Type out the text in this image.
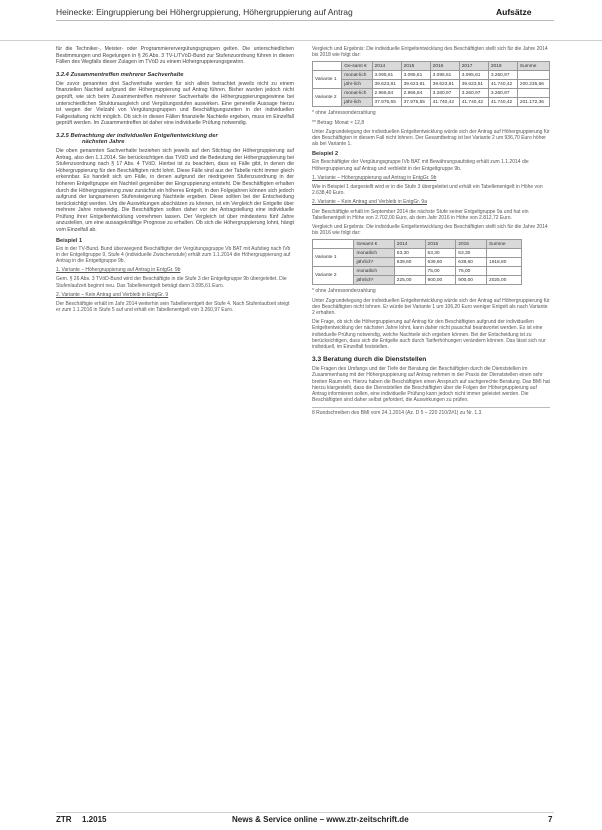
Heinecke: Eingruppierung bei Höhergruppierung, Höhergruppierung auf Antrag	Aufsätze

für die Techniker-, Meister- oder Programmierervergütungsgruppen gelten. Die unterschiedlichen Bestimmungen und Regelungen in § 26 Abs. 3 TV-L/TVöD-Bund zur Stufenzuordnung führen in diesen Fällen des Wegfalls dieser Zulagen im TVöD zu einem Höhergruppierungsgewinn.

3.2.4 Zusammentreffen mehrerer Sachverhalte

Die zuvor genannten drei Sachverhalte werden für sich allein betrachtet jeweils nicht zu einem finanziellen Nachteil aufgrund der Höhergruppierung auf Antrag führen. Bisher wurden jedoch nicht geprüft, wie sich beim Zusammentreffen mehrerer Sachverhalte die Höhergruppierungsgewinne bei unterschiedlichen Strukturausgleich und Vergütungsstufen auswirken. Eine generelle Aussage hierzu ist wegen der Vielzahl von Vergütungsgruppen und Beschäftigungszeiten in der individuellen Fallgestaltung nicht möglich. Ob sich in diesen Fällen finanzielle Nachteile ergeben, muss im Einzelfall geprüft werden. Im Zusammentreffen ist daher eine individuelle Prüfung notwendig.

3.2.5 Betrachtung der individuellen Entgeltentwicklung der
nächsten Jahre

Die oben genannten Sachverhalte beziehen sich jeweils auf den Stichtag der Höhergruppierung auf Antrag, also den 1.1.2014. Sie berücksichtigen das TVöD und die Bedeutung der Höhergruppierung bei Stufenzuordnung nach § 17 Abs. 4 TVöD. Hierbei ist zu beachten, dass es Fälle gibt, in denen die Höhergruppierung für den Beschäftigten nicht lohnt. Diese Fälle sind aus der Tabelle nicht immer gleich erkennbar. Es handelt sich um Fälle, in denen aufgrund der niedrigeren Stufenzuordnung in der höheren Entgeltgruppe ein Nachteil gegenüber der Eingruppierung entsteht. Die Beschäftigten erhalten durch die Höhergruppierung zwar zunächst ein höheres Entgelt, in den Folgejahren können sich jedoch aufgrund der langsameren Stufensteigerung Nachteile ergeben. Diese sollten bei der Entscheidung berücksichtigt werden. Um die Auswirkungen abschätzen zu können, ist ein Vergleich der Entgelte über mehrere Jahre notwendig. Die Beschäftigten sollten daher vor der Antragstellung eine individuelle Prüfung ihrer Entgeltentwicklung vornehmen lassen. Der Vergleich ist über mindestens fünf Jahre anzustellen, um eine aussagekräftige Prognose zu erhalten. Ob sich die Höhergruppierung lohnt, hängt vom Einzelfall ab.

Beispiel 1

Ein in der TV-Bund. Bund überwiegend Beschäftigter der Vergütungsgruppe Vb BAT mit Aufstieg nach IVb in der Entgeltgruppe 9, Stufe 4 (individuelle Zwischenstufe) erhält zum 1.1.2014 die Höhergruppierung auf Antrag in die Entgeltgruppe 9b.

1. Variante – Höhergruppierung auf Antrag in EntgGr. 9b

Gem. § 26 Abs. 3 TVöD-Bund wird der Beschäftigte in die Stufe 3 der Entgeltgruppe 9b übergeleitet. Die Stufenlaufzeit beginnt neu. Das Tabellenentgelt beträgt dann 3.095,61 Euro.

2. Variante – Kein Antrag und Verbleib in EntgGr. 9

Der Beschäftigte erhält im Jahr 2014 weiterhin sein Tabellenentgelt der Stufe 4. Nach Stufenlaufzeit steigt er zum 1.1.2016 in Stufe 5 auf und erhält ein Tabellenentgelt von 3.260,97 Euro.

Vergleich und Ergebnis: Die individuelle Entgeltentwicklung des Beschäftigten stellt sich für die Jahre 2014 bis 2018 wie folgt dar:

	Ge-samt €	2014	2015	2016	2017	2018	Summe
Variante 1	monat-lich	3.095,61	3.095,61	3.095,61	3.095,61	3.260,97	
	jähr-lich	39.623,81	39.623,81	39.623,81	39.623,81	41.740,42	200.235,66
Variante 2	monat-lich	2.966,84	2.966,84	3.260,97	3.260,97	3.260,97	
	jähr-lich	37.975,55	37.975,55	41.740,42	41.740,42	41.740,42	201.172,36
* ohne Jahressonderzahlung
** Betrag: Monat × 12,8

Unter Zugrundelegung der individuellen Entgeltentwicklung würde sich der Antrag auf Höhergruppierung für den Beschäftigten in diesem Fall nicht lohnen. Der Gesamtbetrag ist bei Variante 2 um 936,70 Euro höher als bei Variante 1.

Beispiel 2

Ein Beschäftigter der Vergütungsgruppe IVb BAT mit Bewährungsaufstieg erhält zum 1.1.2014 die Höhergruppierung auf Antrag und verbleibt in der Entgeltgruppe 9b.

1. Variante – Höhergruppierung auf Antrag in EntgGr. 9b

Wie in Beispiel 1 dargestellt wird er in die Stufe 3 übergeleitet und erhält ein Tabellenentgelt in Höhe von 2.638,40 Euro.

2. Variante – Kein Antrag und Verbleib in EntgGr. 9a

Der Beschäftigte erhält im September 2014 die nächste Stufe seiner Entgeltgruppe 9a und hat ein Tabellenentgelt in Höhe von 2.702,00 Euro, ab dem Jahr 2016 in Höhe von 2.812,72 Euro.

Vergleich und Ergebnis: Die individuelle Entgeltentwicklung des Beschäftigten stellt sich für die Jahre 2014 bis 2016 wie folgt dar:

	Gesamt €	2014	2015	2016	Summe
Variante 1	monatlich	53,30	53,30	53,30	
	jährlich*	639,60	639,60	639,60	1918,80
Variante 2	monatlich		75,00	75,00	
	jährlich*	225,00	900,00	900,00	2025,00
* ohne Jahressonderzahlung

Unter Zugrundelegung der individuellen Entgeltentwicklung würde sich der Antrag auf Höhergruppierung für den Beschäftigten nicht lohnen. Er würde bei Variante 1 um 106,20 Euro weniger Entgelt als nach Variante 2 erhalten.

Die Frage, ob sich die Höhergruppierung auf Antrag für den Beschäftigten aufgrund der individuellen Entgeltentwicklung der nächsten Jahre lohnt, kann daher nicht pauschal beantwortet werden. Es ist eine individuelle Prüfung notwendig, welche Nachteile sich ergeben können. Bei der Entscheidung ist zu berücksichtigen, dass sich die Entgelte auch durch Tariferhöhungen verändern können. Das lässt sich nur individuell, im Einzelfall feststellen.

3.3 Beratung durch die Dienststellen

Die Fragen des Umfangs und der Tiefe der Beratung der Beschäftigten durch die Dienststellen im Zusammenhang mit der Höhergruppierung auf Antrag nehmen in der Praxis der Dienststellen einen sehr breiten Raum ein. Hierzu haben die Beschäftigten einen Anspruch auf sachgerechte Beratung. Das BMI hat hierzu klargestellt, dass die Dienststellen die Beschäftigten über die Folgen der Höhergruppierung auf Antrag informieren sollen, eine individuelle Prüfung kann jedoch nicht immer geleistet werden. Die Beschäftigten sind daher selbst gefordert, die Auswirkungen zu prüfen.

8 Rundschreiben des BMI vom 24.1.2014 (Az. D 5 – 220 210/2#1) zu Nr. 1.3.

ZTR 1.2015	News & Service online – www.ztr-zeitschrift.de	7
